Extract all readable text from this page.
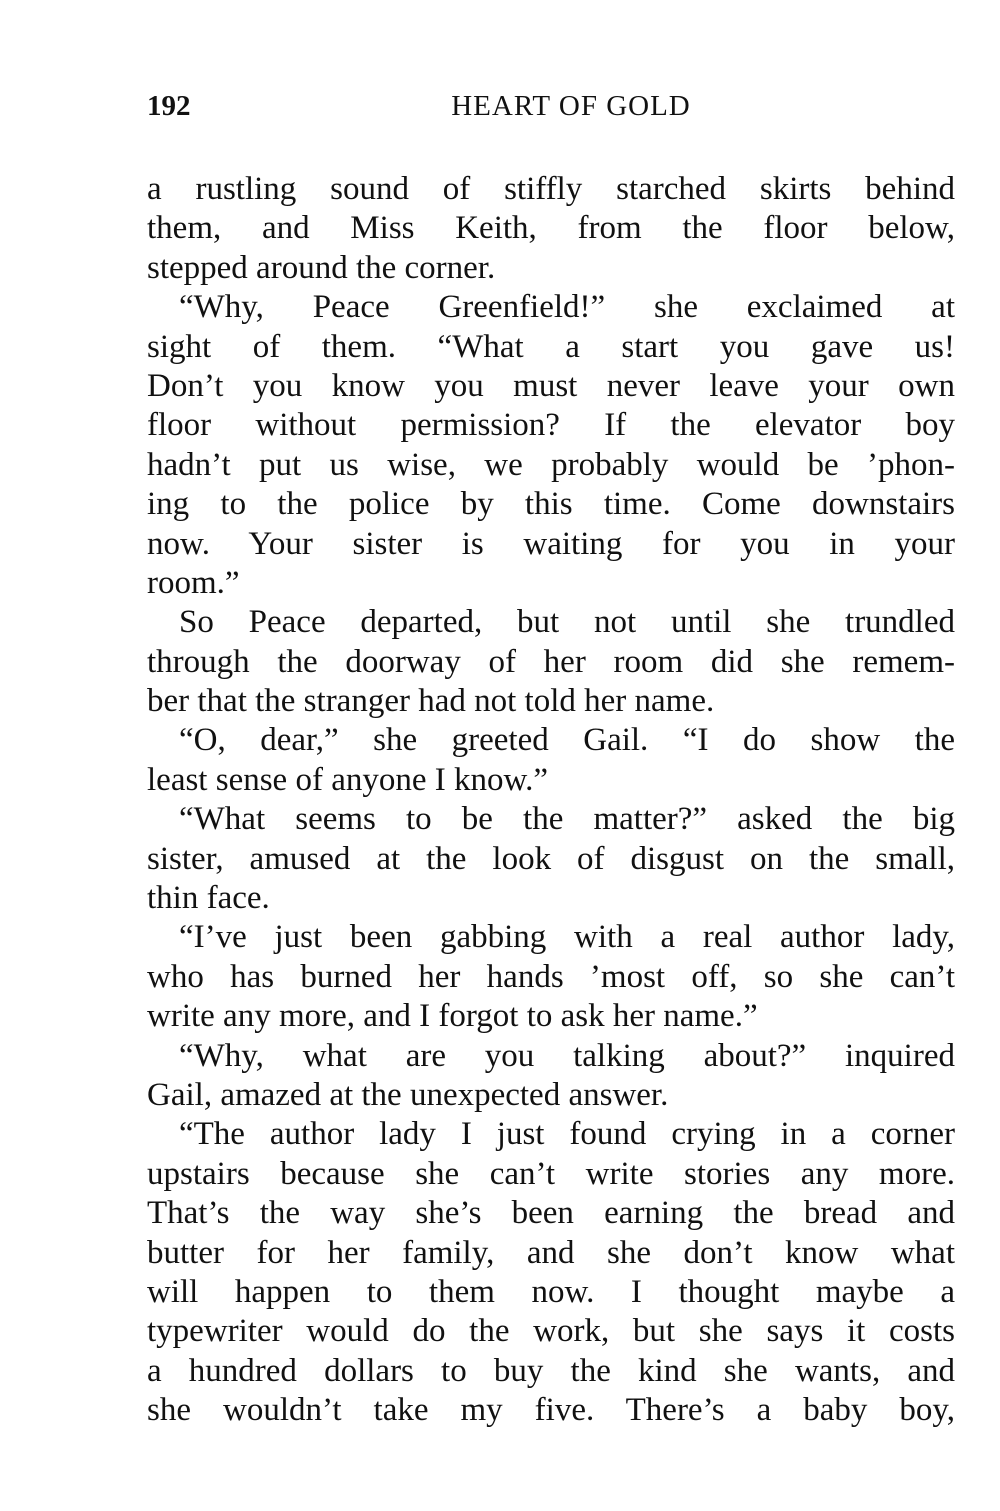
192	HEART OF GOLD
a rustling sound of stiffly starched skirts behind
them, and Miss Keith, from the floor below,
stepped around the corner.
“Why, Peace Greenfield!” she exclaimed at
sight of them. “What a start you gave us!
Don’t you know you must never leave your own
floor without permission? If the elevator boy
hadn’t put us wise, we probably would be ’phon-
ing to the police by this time. Come downstairs
now. Your sister is waiting for you in your
room.”
So Peace departed, but not until she trundled
through the doorway of her room did she remem-
ber that the stranger had not told her name.
“O, dear,” she greeted Gail. “I do show the
least sense of anyone I know.”
“What seems to be the matter?” asked the big
sister, amused at the look of disgust on the small,
thin face.
“I’ve just been gabbing with a real author lady,
who has burned her hands ’most off, so she can’t
write any more, and I forgot to ask her name.”
“Why, what are you talking about?” inquired
Gail, amazed at the unexpected answer.
“The author lady I just found crying in a corner
upstairs because she can’t write stories any more.
That’s the way she’s been earning the bread and
butter for her family, and she don’t know what
will happen to them now. I thought maybe a
typewriter would do the work, but she says it costs
a hundred dollars to buy the kind she wants, and
she wouldn’t take my five. There’s a baby boy,
